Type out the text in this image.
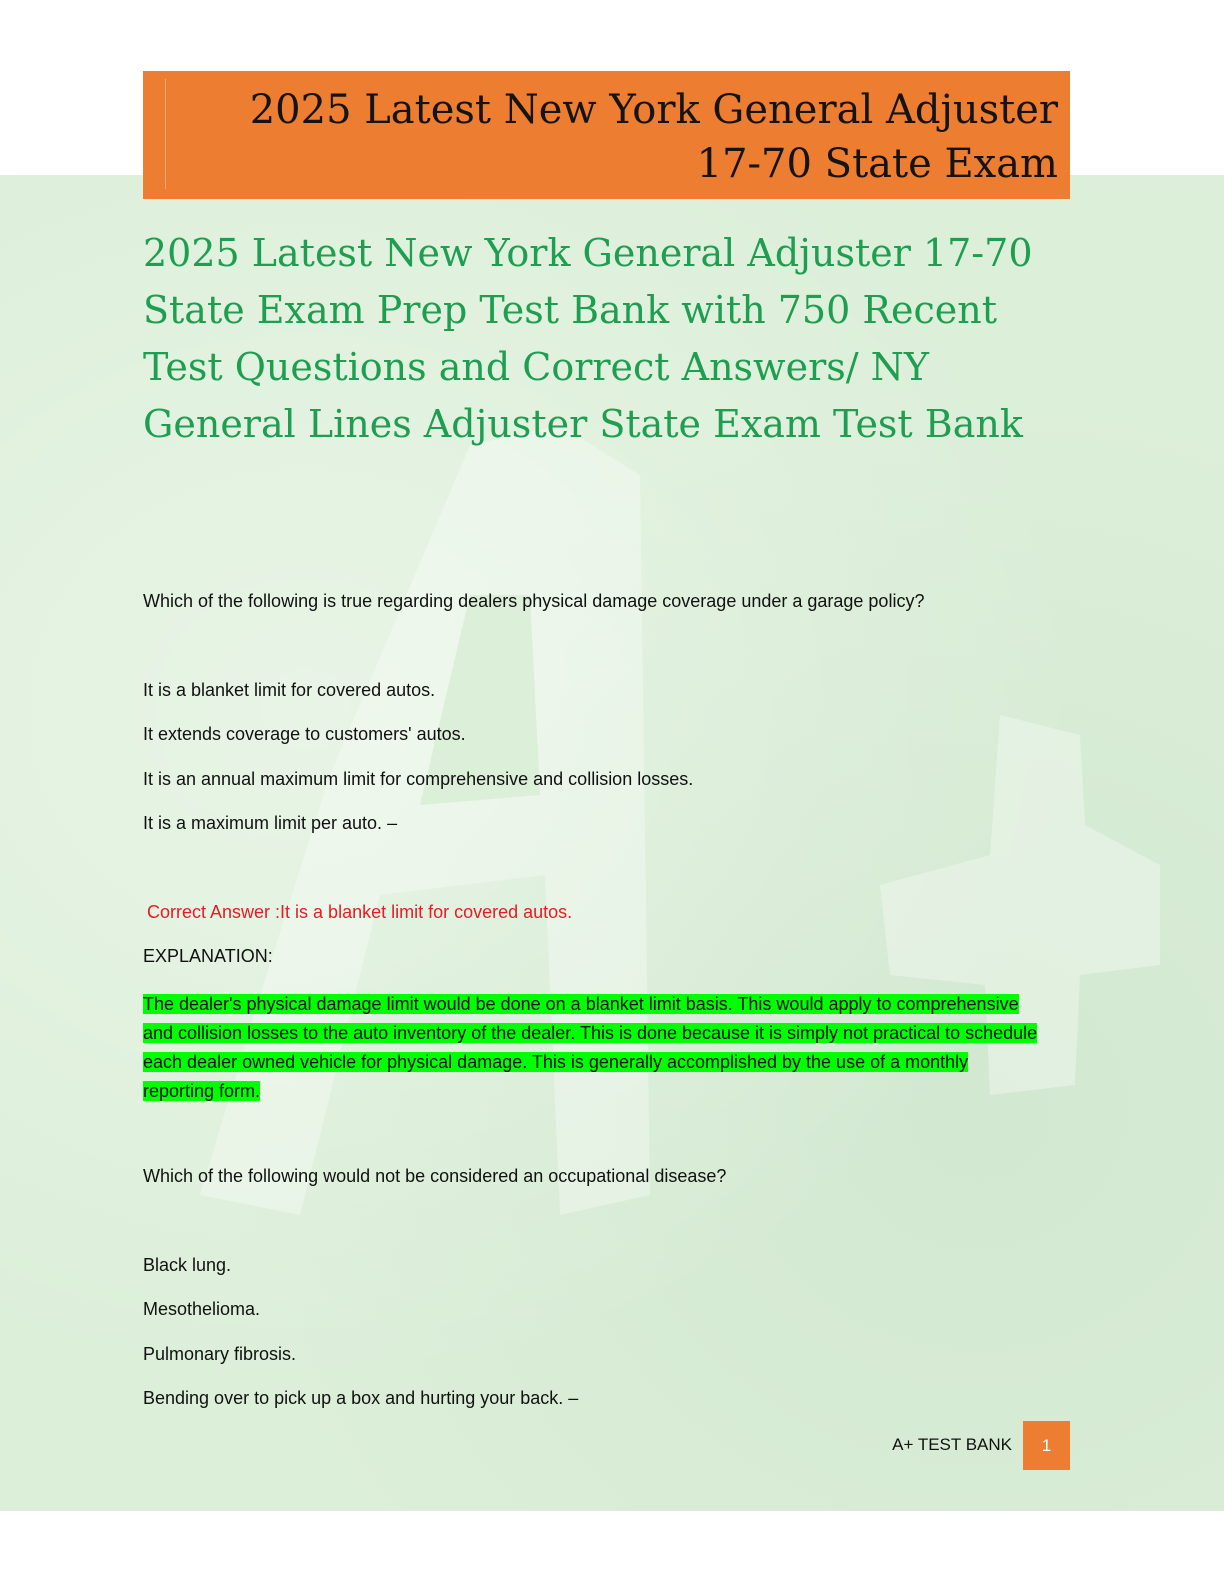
2025 Latest New York General Adjuster 17-70 State Exam
2025 Latest New York General Adjuster 17-70 State Exam Prep Test Bank with 750 Recent Test Questions and Correct Answers/ NY General Lines Adjuster State Exam Test Bank

Which of the following is true regarding dealers physical damage coverage under a garage policy?

It is a blanket limit for covered autos.

It extends coverage to customers' autos.

It is an annual maximum limit for comprehensive and collision losses.

It is a maximum limit per auto. –

Correct Answer :It is a blanket limit for covered autos.

EXPLANATION:

The dealer's physical damage limit would be done on a blanket limit basis. This would apply to comprehensive and collision losses to the auto inventory of the dealer. This is done because it is simply not practical to schedule each dealer owned vehicle for physical damage. This is generally accomplished by the use of a monthly reporting form.

Which of the following would not be considered an occupational disease?

Black lung.

Mesothelioma.

Pulmonary fibrosis.

Bending over to pick up a box and hurting your back. –

A+ TEST BANK	1
